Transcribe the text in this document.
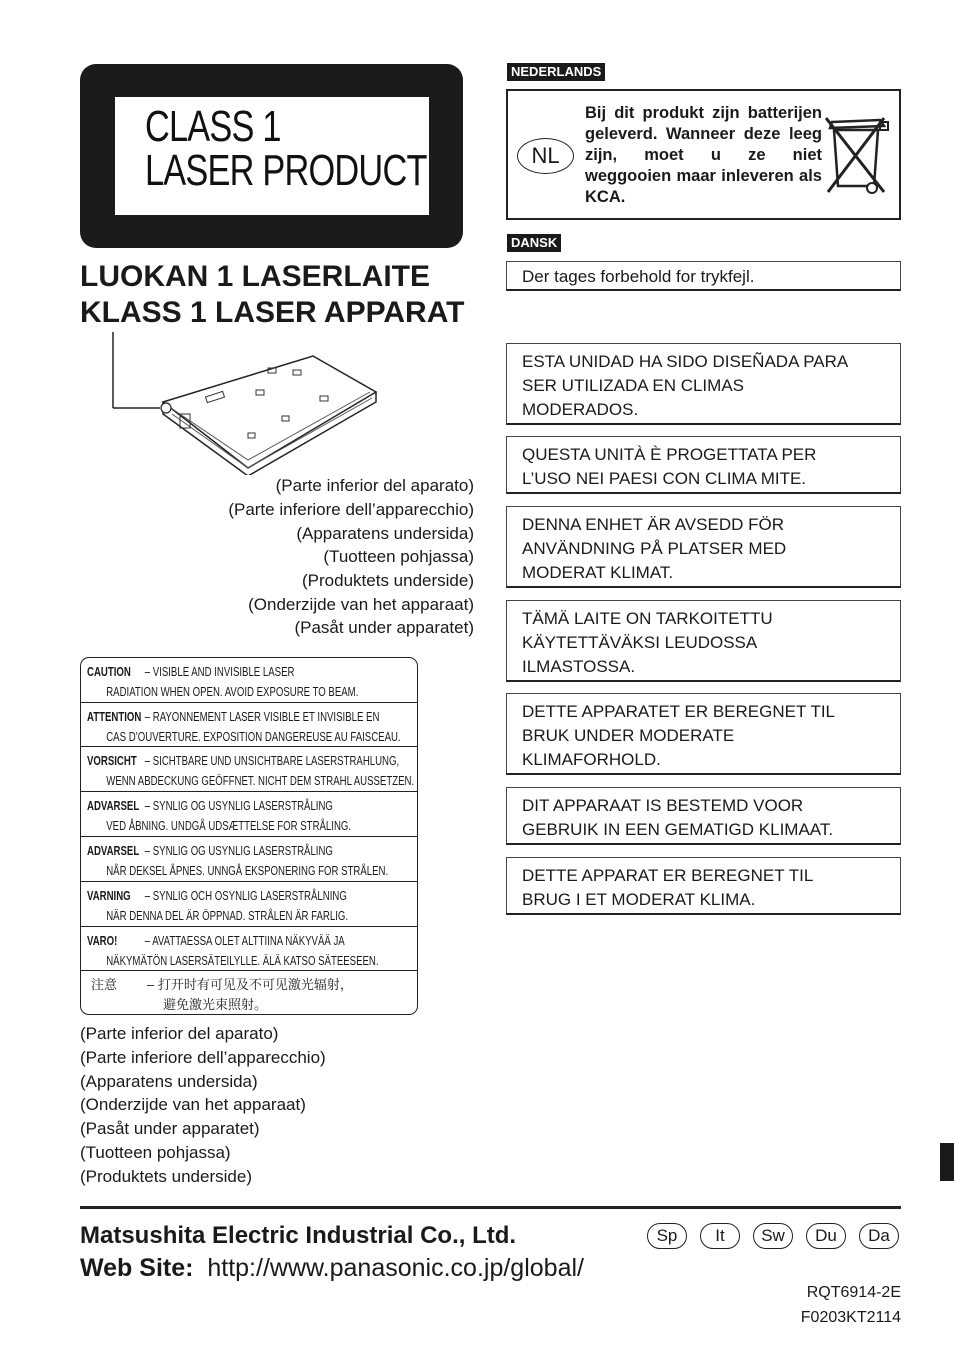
CLASS 1
LASER PRODUCT
LUOKAN 1 LASERLAITE
KLASS 1 LASER APPARAT
(Parte inferior del aparato)
(Parte inferiore dell’apparecchio)
(Apparatens undersida)
(Tuotteen pohjassa)
(Produktets underside)
(Onderzijde van het apparaat)
(Pasåt under apparatet)
CAUTION – VISIBLE AND INVISIBLE LASER
RADIATION WHEN OPEN. AVOID EXPOSURE TO BEAM.
ATTENTION – RAYONNEMENT LASER VISIBLE ET INVISIBLE EN
CAS D’OUVERTURE. EXPOSITION DANGEREUSE AU FAISCEAU.
VORSICHT – SICHTBARE UND UNSICHTBARE LASERSTRAHLUNG,
WENN ABDECKUNG GEÖFFNET. NICHT DEM STRAHL AUSSETZEN.
ADVARSEL – SYNLIG OG USYNLIG LASERSTRÅLING
VED ÅBNING. UNDGÅ UDSÆTTELSE FOR STRÅLING.
ADVARSEL – SYNLIG OG USYNLIG LASERSTRÅLING
NÅR DEKSEL ÅPNES. UNNGÅ EKSPONERING FOR STRÅLEN.
VARNING – SYNLIG OCH OSYNLIG LASERSTRÅLNING
NÄR DENNA DEL ÄR ÖPPNAD. STRÅLEN ÄR FARLIG.
VARO! – AVATTAESSA OLET ALTTIINA NÄKYVÄÄ JA
NÄKYMÄTÖN LASERSÄTEILYLLE. ÄLÄ KATSO SÄTEESEEN.
注意 – 打开时有可见及不可见激光辐射，
避免激光束照射。
(Parte inferior del aparato)
(Parte inferiore dell’apparecchio)
(Apparatens undersida)
(Onderzijde van het apparaat)
(Pasåt under apparatet)
(Tuotteen pohjassa)
(Produktets underside)
NEDERLANDS
NL
Bij dit produkt zijn batterijen geleverd. Wanneer deze leeg zijn, moet u ze niet weggooien maar inleveren als KCA.
DANSK
Der tages forbehold for trykfejl.
ESTA UNIDAD HA SIDO DISEÑADA PARA
SER UTILIZADA EN CLIMAS
MODERADOS.
QUESTA UNITÀ È PROGETTATA PER
L’USO NEI PAESI CON CLIMA MITE.
DENNA ENHET ÄR AVSEDD FÖR
ANVÄNDNING PÅ PLATSER MED
MODERAT KLIMAT.
TÄMÄ LAITE ON TARKOITETTU
KÄYTETTÄVÄKSI LEUDOSSA
ILMASTOSSA.
DETTE APPARATET ER BEREGNET TIL
BRUK UNDER MODERATE
KLIMAFORHOLD.
DIT APPARAAT IS BESTEMD VOOR
GEBRUIK IN EEN GEMATIGD KLIMAAT.
DETTE APPARAT ER BEREGNET TIL
BRUG I ET MODERAT KLIMA.
Matsushita Electric Industrial Co., Ltd.
Web Site: http://www.panasonic.co.jp/global/
Sp	It	Sw	Du	Da
RQT6914-2E
F0203KT2114
